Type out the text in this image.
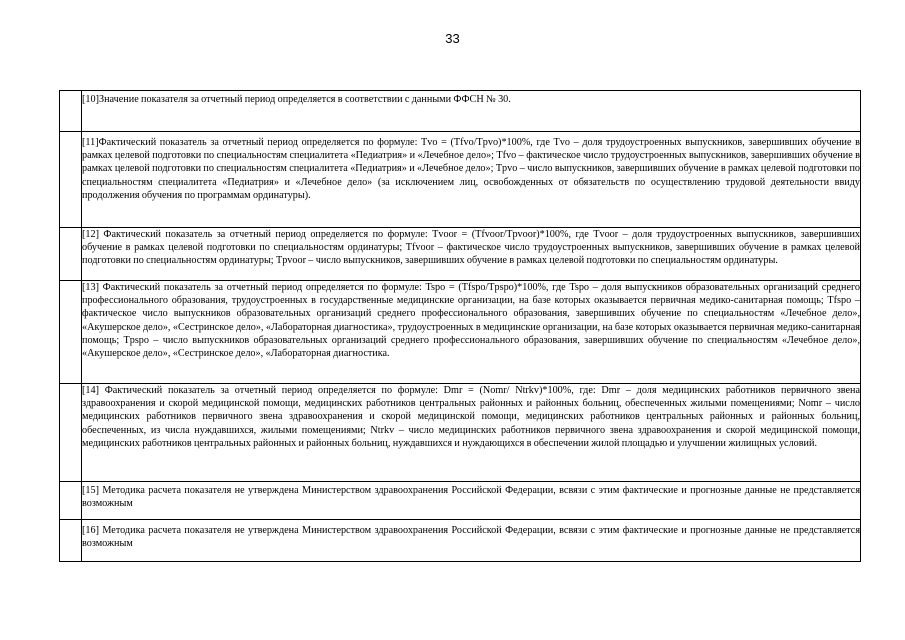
33
	[10]Значение показателя за отчетный период определяется в соответствии с данными ФФСН № 30.
	[11]Фактический показатель за отчетный период определяется по формуле: Tvo = (Tfvo/Tpvo)*100%, где Tvo – доля трудоустроенных выпускников, завершивших обучение в рамках целевой подготовки по специальностям специалитета «Педиатрия» и «Лечебное дело»; Tfvo – фактическое число трудоустроенных выпускников, завершивших обучение в рамках целевой подготовки по специальностям специалитета «Педиатрия» и «Лечебное дело»; Tpvo – число выпускников, завершивших обучение в рамках целевой подготовки по специальностям специалитета «Педиатрия» и «Лечебное дело» (за исключением лиц, освобожденных от обязательств по осуществлению трудовой деятельности ввиду продолжения обучения по программам ординатуры).
	[12] Фактический показатель за отчетный период определяется по формуле: Tvoor = (Tfvoor/Tpvoor)*100%, где Tvoor – доля трудоустроенных выпускников, завершивших обучение в рамках целевой подготовки по специальностям ординатуры; Tfvoor – фактическое число трудоустроенных выпускников, завершивших обучение в рамках целевой подготовки по специальностям ординатуры; Tpvoor – число выпускников, завершивших обучение в рамках целевой подготовки по специальностям ординатуры.
	[13] Фактический показатель за отчетный период определяется по формуле: Tspo = (Tfspo/Tpspo)*100%, где Tspo – доля выпускников образовательных организаций среднего профессионального образования, трудоустроенных в государственные медицинские организации, на базе которых оказывается первичная медико-санитарная помощь; Tfspo – фактическое число выпускников образовательных организаций среднего профессионального образования, завершивших обучение по специальностям «Лечебное дело», «Акушерское дело», «Сестринское дело», «Лабораторная диагностика», трудоустроенных в медицинские организации, на базе которых оказывается первичная медико-санитарная помощь; Tpspo – число выпускников образовательных организаций среднего профессионального образования, завершивших обучение по специальностям «Лечебное дело», «Акушерское дело», «Сестринское дело», «Лабораторная диагностика.
	[14] Фактический показатель за отчетный период определяется по формуле: Dmr = (Nomr/ Ntrkv)*100%, где: Dmr – доля медицинских работников первичного звена здравоохранения и скорой медицинской помощи, медицинских работников центральных районных и районных больниц, обеспеченных жилыми помещениями; Nomr – число медицинских работников первичного звена здравоохранения и скорой медицинской помощи, медицинских работников центральных районных и районных больниц, обеспеченных, из числа нуждавшихся, жилыми помещениями; Ntrkv – число медицинских работников первичного звена здравоохранения и скорой медицинской помощи, медицинских работников центральных районных и районных больниц, нуждавшихся и нуждающихся в обеспечении жилой площадью и улучшении жилищных условий.
	[15] Методика расчета показателя не утверждена Министерством здравоохранения Российской Федерации, всвязи с этим фактические и прогнозные данные не представляется возможным
	[16] Методика расчета показателя не утверждена Министерством здравоохранения Российской Федерации, всвязи с этим фактические и прогнозные данные не представляется возможным
